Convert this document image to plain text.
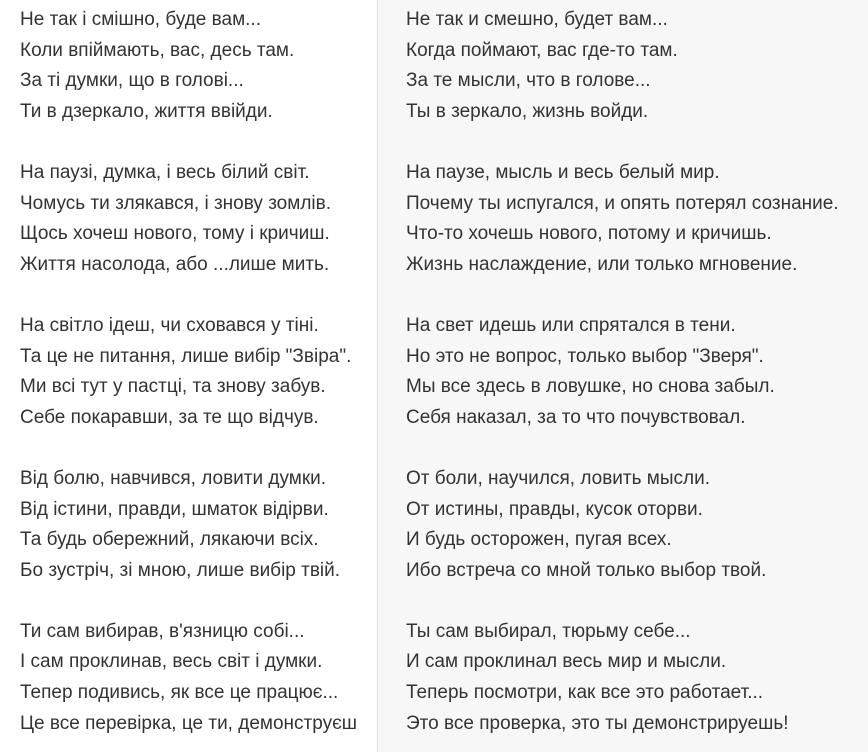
Не так і смішно, буде вам...
Коли впіймають, вас, десь там.
За ті думки, що в голові...
Ти в дзеркало, життя ввійди.
На паузі, думка, і весь білий світ.
Чомусь ти злякався, і знову зомлів.
Щось хочеш нового, тому і кричиш.
Життя насолода, або ...лише мить.
На світло ідеш, чи сховався у тіні.
Та це не питання, лише вибір "Звіра".
Ми всі тут у пастці, та знову забув.
Себе покаравши, за те що відчув.
Від болю, навчився, ловити думки.
Від істини, правди, шматок відірви.
Та будь обережний, лякаючи всіх.
Бо зустріч, зі мною, лише вибір твій.
Ти сам вибирав, в'язницю собі...
І сам проклинав, весь світ і думки.
Тепер подивись, як все це працює...
Це все перевірка, це ти, демонструєш
Не так и смешно, будет вам...
Когда поймают, вас где-то там.
За те мысли, что в голове...
Ты в зеркало, жизнь войди.
На паузе, мысль и весь белый мир.
Почему ты испугался, и опять потерял сознание.
Что-то хочешь нового, потому и кричишь.
Жизнь наслаждение, или только мгновение.
На свет идешь или спрятался в тени.
Но это не вопрос, только выбор "Зверя".
Мы все здесь в ловушке, но снова забыл.
Себя наказал, за то что почувствовал.
От боли, научился, ловить мысли.
От истины, правды, кусок оторви.
И будь осторожен, пугая всех.
Ибо встреча со мной только выбор твой.
Ты сам выбирал, тюрьму себе...
И сам проклинал весь мир и мысли.
Теперь посмотри, как все это работает...
Это все проверка, это ты демонстрируешь!
